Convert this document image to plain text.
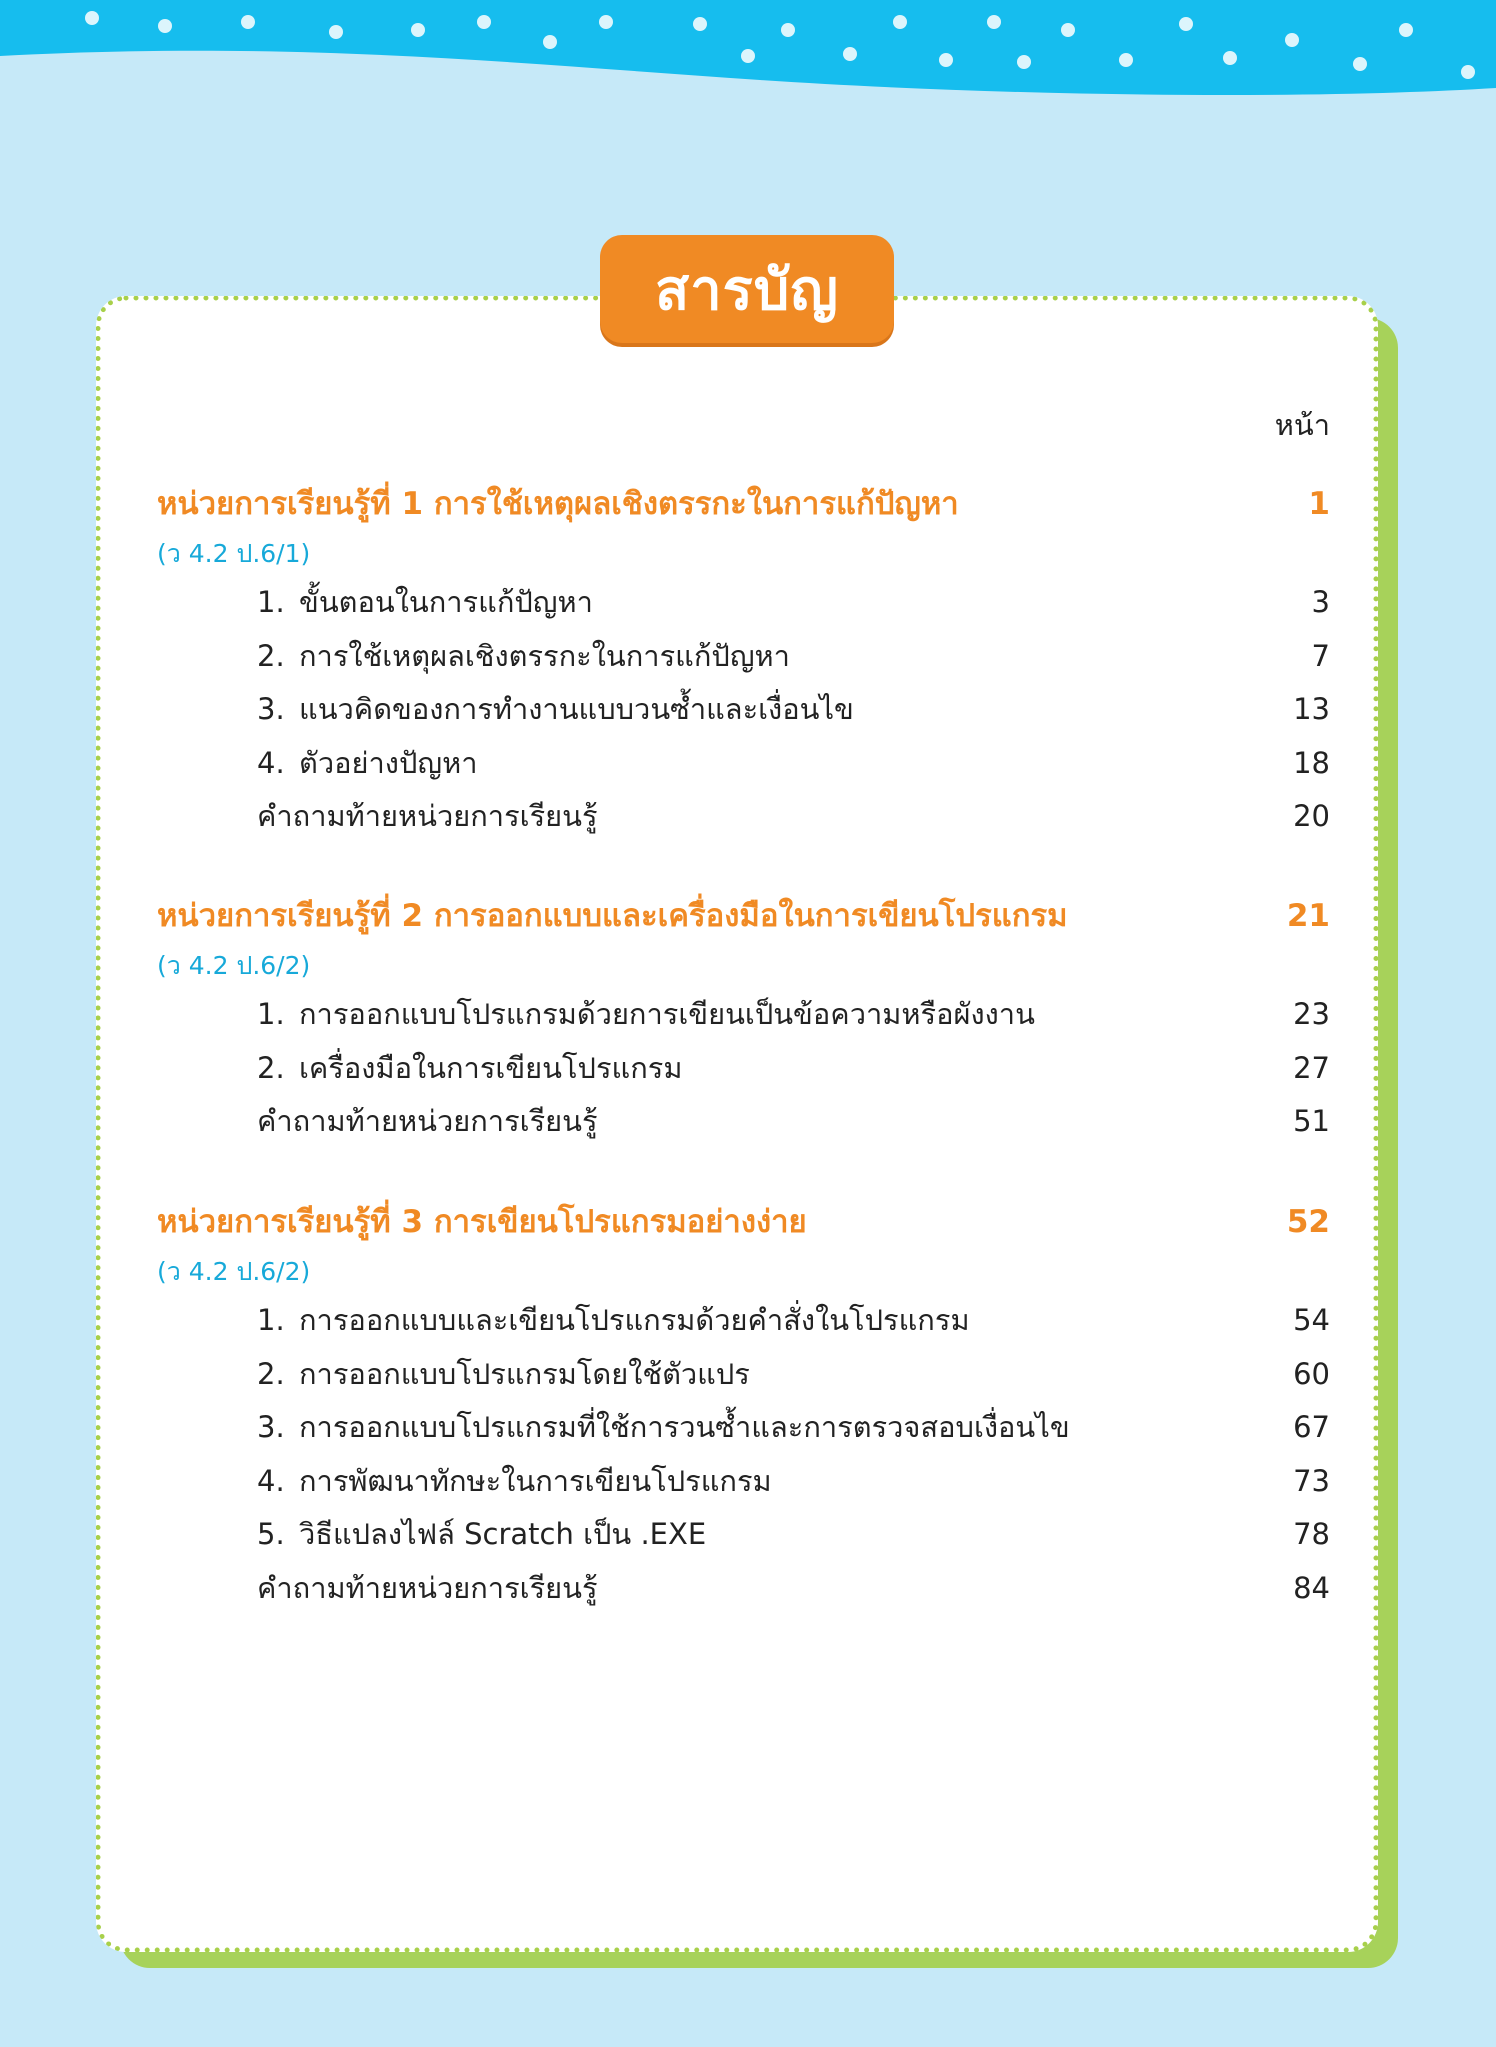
สารบัญ
หน้า
หน่วยการเรียนรู้ที่ 1 การใช้เหตุผลเชิงตรรกะในการแก้ปัญหา	1
(ว 4.2 ป.6/1)
1. ขั้นตอนในการแก้ปัญหา	3
2. การใช้เหตุผลเชิงตรรกะในการแก้ปัญหา	7
3. แนวคิดของการทำงานแบบวนซ้ำและเงื่อนไข	13
4. ตัวอย่างปัญหา	18
คำถามท้ายหน่วยการเรียนรู้	20
หน่วยการเรียนรู้ที่ 2 การออกแบบและเครื่องมือในการเขียนโปรแกรม	21
(ว 4.2 ป.6/2)
1. การออกแบบโปรแกรมด้วยการเขียนเป็นข้อความหรือผังงาน	23
2. เครื่องมือในการเขียนโปรแกรม	27
คำถามท้ายหน่วยการเรียนรู้	51
หน่วยการเรียนรู้ที่ 3 การเขียนโปรแกรมอย่างง่าย	52
(ว 4.2 ป.6/2)
1. การออกแบบและเขียนโปรแกรมด้วยคำสั่งในโปรแกรม	54
2. การออกแบบโปรแกรมโดยใช้ตัวแปร	60
3. การออกแบบโปรแกรมที่ใช้การวนซ้ำและการตรวจสอบเงื่อนไข	67
4. การพัฒนาทักษะในการเขียนโปรแกรม	73
5. วิธีแปลงไฟล์ Scratch เป็น .EXE	78
คำถามท้ายหน่วยการเรียนรู้	84
